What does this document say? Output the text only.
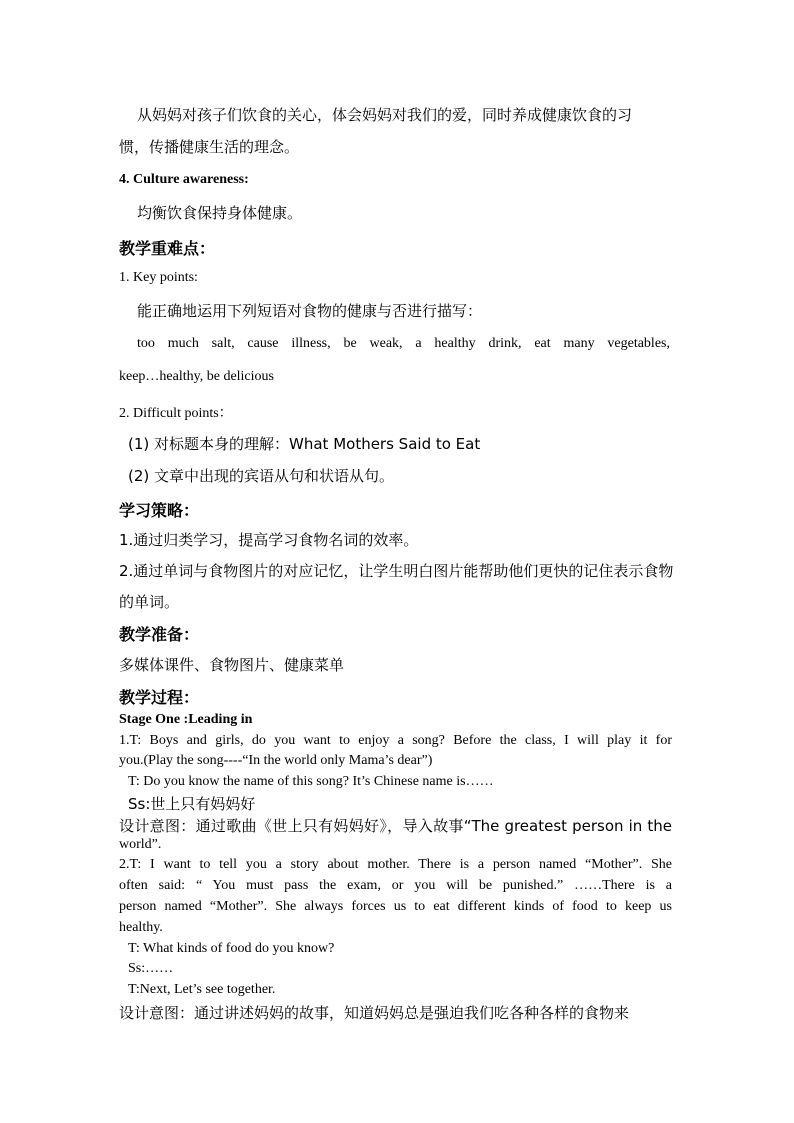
从妈妈对孩子们饮食的关心，体会妈妈对我们的爱，同时养成健康饮食的习
惯，传播健康生活的理念。
4. Culture awareness:
均衡饮食保持身体健康。
教学重难点：
1. Key points:
能正确地运用下列短语对食物的健康与否进行描写：
too much salt, cause illness, be weak, a healthy drink, eat many vegetables,
keep…healthy, be delicious
2. Difficult points：
(1) 对标题本身的理解：What Mothers Said to Eat
(2) 文章中出现的宾语从句和状语从句。
学习策略：
1.通过归类学习，提高学习食物名词的效率。
2.通过单词与食物图片的对应记忆，让学生明白图片能帮助他们更快的记住表示食物
的单词。
教学准备：
多媒体课件、食物图片、健康菜单
教学过程：
Stage One :Leading in
1.T: Boys and girls, do you want to enjoy a song? Before the class, I will play it for
you.(Play the song----“In the world only Mama’s dear”)
T: Do you know the name of this song? It’s Chinese name is……
Ss:世上只有妈妈好
设计意图：通过歌曲《世上只有妈妈好》，导入故事“The greatest person in the
world”.
2.T: I want to tell you a story about mother. There is a person named “Mother”. She
often said: “ You must pass the exam, or you will be punished.” ……There is a
person named “Mother”. She always forces us to eat different kinds of food to keep us
healthy.
T: What kinds of food do you know?
Ss:……
T:Next, Let’s see together.
设计意图：通过讲述妈妈的故事，知道妈妈总是强迫我们吃各种各样的食物来
